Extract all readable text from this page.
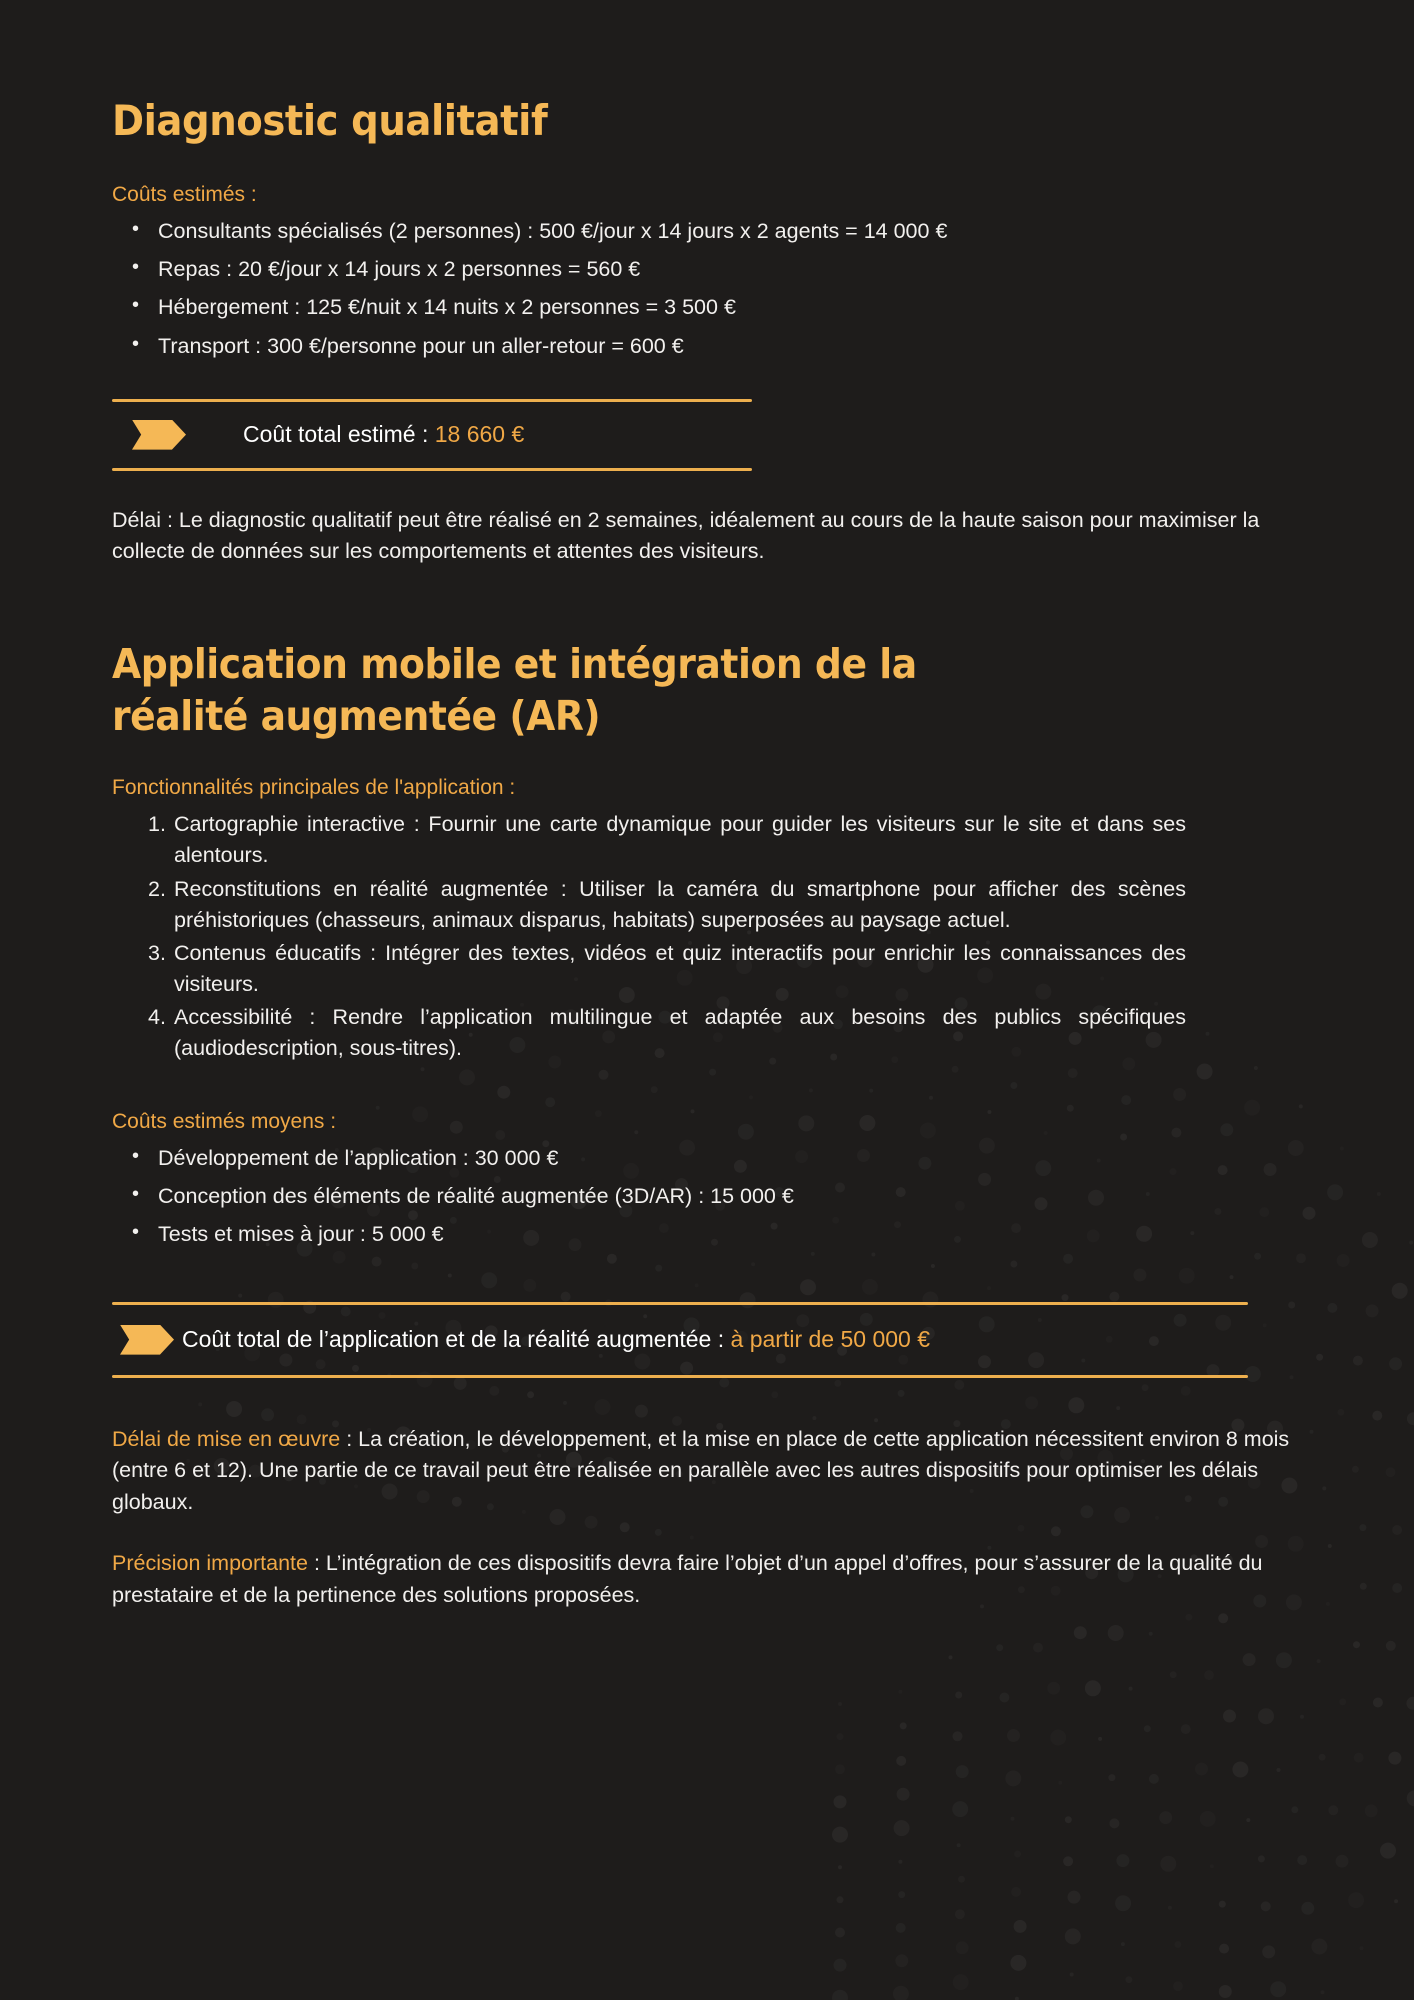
Diagnostic qualitatif
Coûts estimés :
• Consultants spécialisés (2 personnes) : 500 €/jour x 14 jours x 2 agents = 14 000 €
• Repas : 20 €/jour x 14 jours x 2 personnes = 560 €
• Hébergement : 125 €/nuit x 14 nuits x 2 personnes = 3 500 €
• Transport : 300 €/personne pour un aller-retour = 600 €
Coût total estimé : 18 660 €

Délai : Le diagnostic qualitatif peut être réalisé en 2 semaines, idéalement au cours de la haute saison pour maximiser la collecte de données sur les comportements et attentes des visiteurs.

Application mobile et intégration de la réalité augmentée (AR)
Fonctionnalités principales de l'application :
Cartographie interactive : Fournir une carte dynamique pour guider les visiteurs sur le site et dans ses alentours.
Reconstitutions en réalité augmentée : Utiliser la caméra du smartphone pour afficher des scènes préhistoriques (chasseurs, animaux disparus, habitats) superposées au paysage actuel.
Contenus éducatifs : Intégrer des textes, vidéos et quiz interactifs pour enrichir les connaissances des visiteurs.
Accessibilité : Rendre l’application multilingue et adaptée aux besoins des publics spécifiques (audiodescription, sous-titres).
Coûts estimés moyens :
• Développement de l’application : 30 000 €
• Conception des éléments de réalité augmentée (3D/AR) : 15 000 €
• Tests et mises à jour : 5 000 €
Coût total de l’application et de la réalité augmentée : à partir de 50 000 €

Délai de mise en œuvre : La création, le développement, et la mise en place de cette application nécessitent environ 8 mois (entre 6 et 12). Une partie de ce travail peut être réalisée en parallèle avec les autres dispositifs pour optimiser les délais globaux.

Précision importante : L’intégration de ces dispositifs devra faire l’objet d’un appel d’offres, pour s’assurer de la qualité du prestataire et de la pertinence des solutions proposées.
